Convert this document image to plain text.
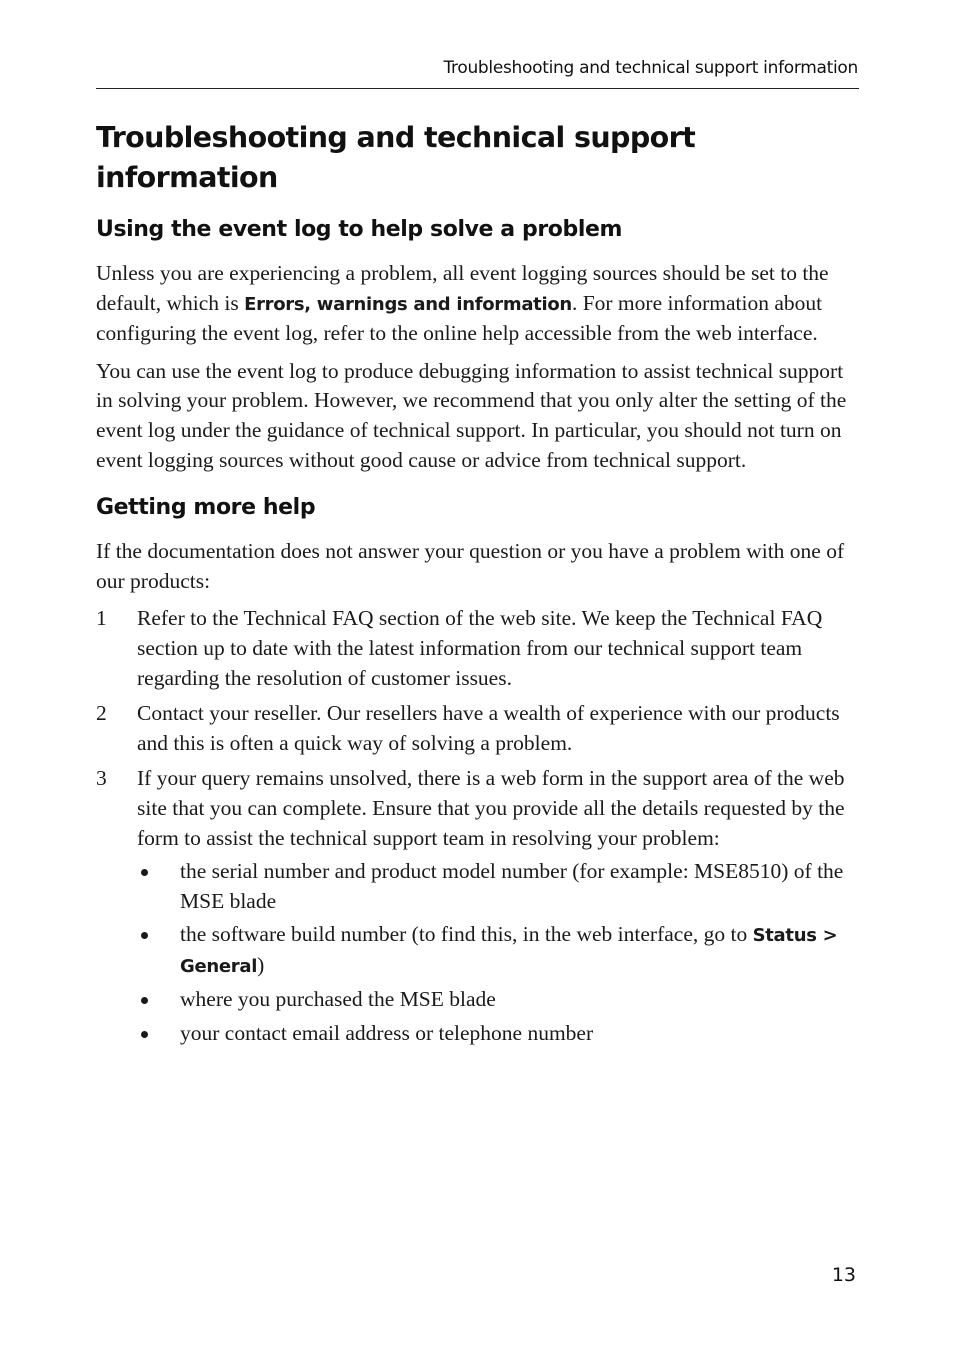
Troubleshooting and technical support information
Troubleshooting and technical support information
Using the event log to help solve a problem

Unless you are experiencing a problem, all event logging sources should be set to the default, which is Errors, warnings and information. For more information about configuring the event log, refer to the online help accessible from the web interface.

You can use the event log to produce debugging information to assist technical support in solving your problem. However, we recommend that you only alter the setting of the event log under the guidance of technical support. In particular, you should not turn on event logging sources without good cause or advice from technical support.

Getting more help

If the documentation does not answer your question or you have a problem with one of our products:

1 Refer to the Technical FAQ section of the web site. We keep the Technical FAQ section up to date with the latest information from our technical support team regarding the resolution of customer issues.
2 Contact your reseller. Our resellers have a wealth of experience with our products and this is often a quick way of solving a problem.
3 If your query remains unsolved, there is a web form in the support area of the web site that you can complete. Ensure that you provide all the details requested by the form to assist the technical support team in resolving your problem:
the serial number and product model number (for example: MSE8510) of the MSE blade
the software build number (to find this, in the web interface, go to Status > General)
where you purchased the MSE blade
your contact email address or telephone number
13
